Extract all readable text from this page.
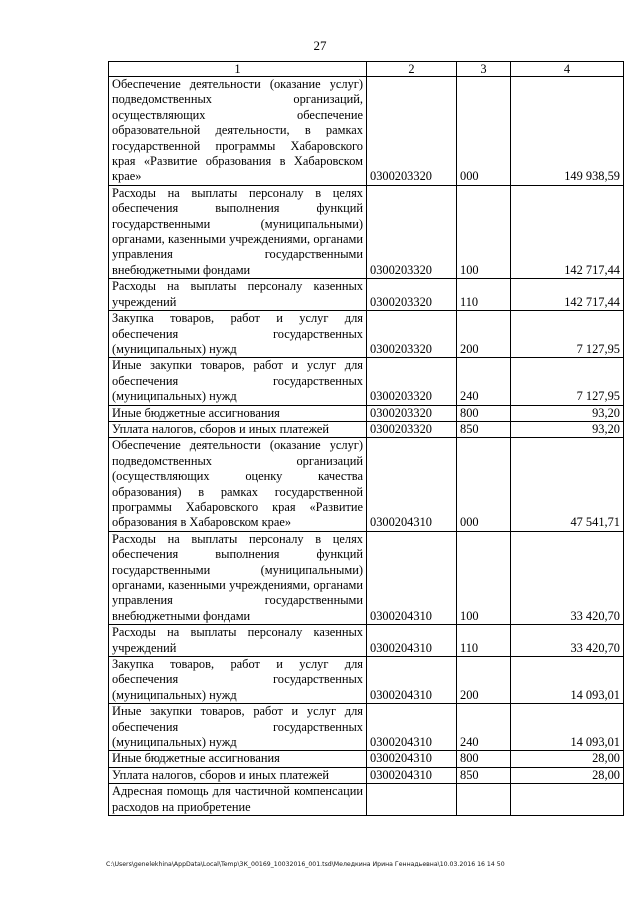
27
1	2	3	4
Обеспечение деятельности (оказание услуг) подведомственных организаций, осуществляющих обеспечение образовательной деятельности, в рамках государственной программы Хабаровского края «Развитие образования в Хабаровском крае»	0300203320	000	149 938,59
Расходы на выплаты персоналу в целях обеспечения выполнения функций государственными (муниципальными) органами, казенными учреждениями, органами управления государственными внебюджетными фондами	0300203320	100	142 717,44
Расходы на выплаты персоналу казенных учреждений	0300203320	110	142 717,44
Закупка товаров, работ и услуг для обеспечения государственных (муниципальных) нужд	0300203320	200	7 127,95
Иные закупки товаров, работ и услуг для обеспечения государственных (муниципальных) нужд	0300203320	240	7 127,95
Иные бюджетные ассигнования	0300203320	800	93,20
Уплата налогов, сборов и иных платежей	0300203320	850	93,20
Обеспечение деятельности (оказание услуг) подведомственных организаций (осуществляющих оценку качества образования) в рамках государственной программы Хабаровского края «Развитие образования в Хабаровском крае»	0300204310	000	47 541,71
Расходы на выплаты персоналу в целях обеспечения выполнения функций государственными (муниципальными) органами, казенными учреждениями, органами управления государственными внебюджетными фондами	0300204310	100	33 420,70
Расходы на выплаты персоналу казенных учреждений	0300204310	110	33 420,70
Закупка товаров, работ и услуг для обеспечения государственных (муниципальных) нужд	0300204310	200	14 093,01
Иные закупки товаров, работ и услуг для обеспечения государственных (муниципальных) нужд	0300204310	240	14 093,01
Иные бюджетные ассигнования	0300204310	800	28,00
Уплата налогов, сборов и иных платежей	0300204310	850	28,00
Адресная помощь для частичной компенсации расходов на приобретение			
C:\Users\genelekhina\AppData\Local\Temp\ЗК_00169_10032016_001.tsd\Меледкина Ирина Геннадьевна\10.03.2016 16 14 50
